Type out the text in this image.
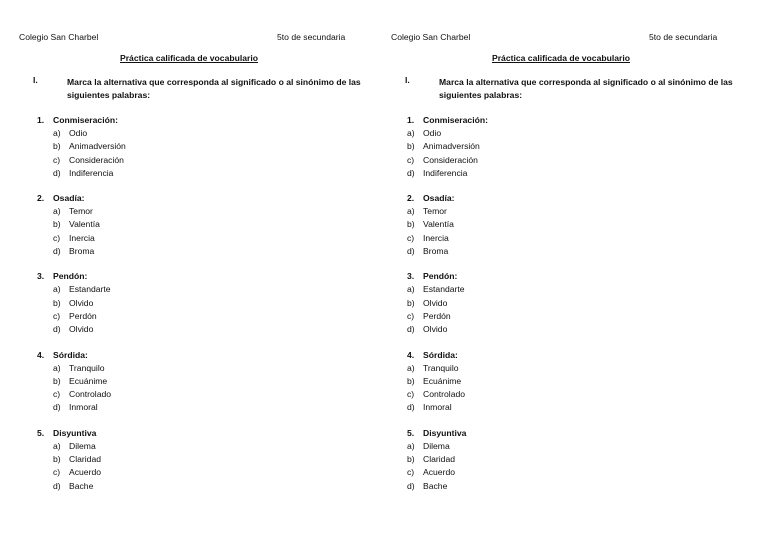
Colegio San Charbel	5to de secundaria
Práctica calificada de vocabulario
I.	Marca la alternativa que corresponda al significado o al sinónimo de las siguientes palabras:
1. Conmiseración:
a) Odio
b) Animadversión
c) Consideración
d) Indiferencia
2. Osadía:
a) Temor
b) Valentía
c) Inercia
d) Broma
3. Pendón:
a) Estandarte
b) Olvido
c) Perdón
d) Olvido
4. Sórdida:
a) Tranquilo
b) Ecuánime
c) Controlado
d) Inmoral
5. Disyuntiva
a) Dilema
b) Claridad
c) Acuerdo
d) Bache
Colegio San Charbel	5to de secundaria
Práctica calificada de vocabulario
I.	Marca la alternativa que corresponda al significado o al sinónimo de las siguientes palabras:
1. Conmiseración:
a) Odio
b) Animadversión
c) Consideración
d) Indiferencia
2. Osadía:
a) Temor
b) Valentía
c) Inercia
d) Broma
3. Pendón:
a) Estandarte
b) Olvido
c) Perdón
d) Olvido
4. Sórdida:
a) Tranquilo
b) Ecuánime
c) Controlado
d) Inmoral
5. Disyuntiva
a) Dilema
b) Claridad
c) Acuerdo
d) Bache
